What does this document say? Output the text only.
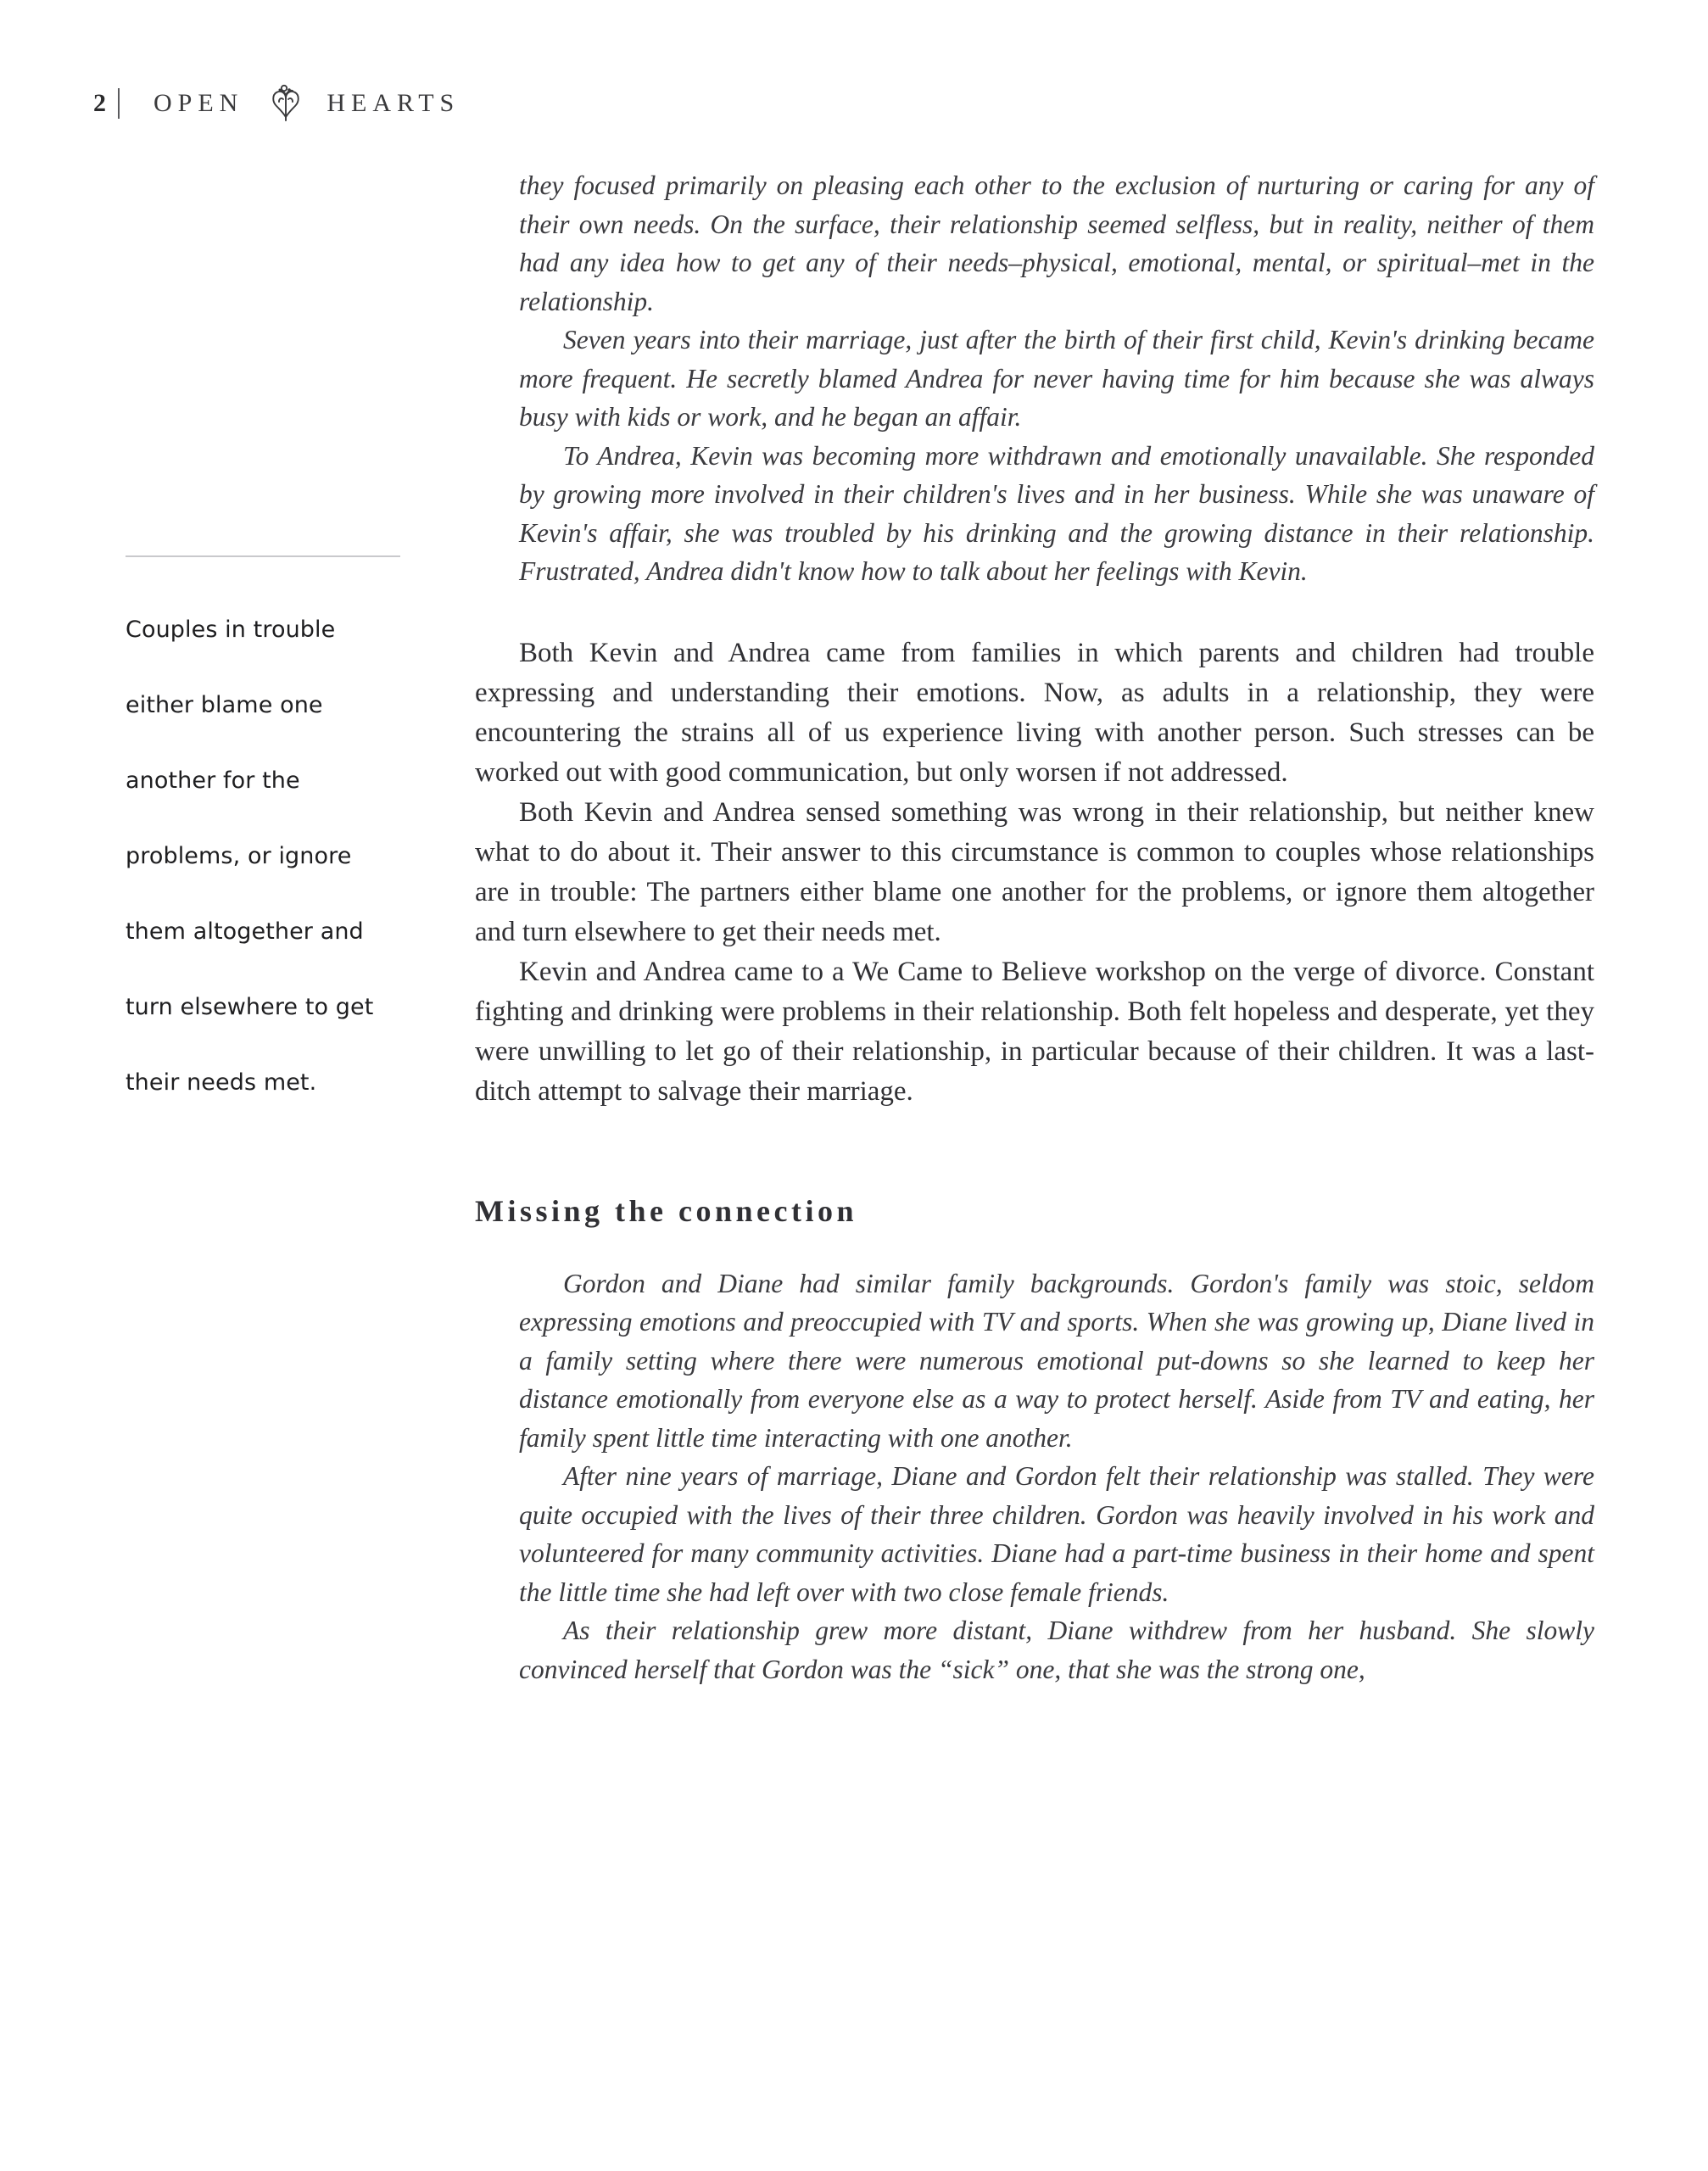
2	OPEN	HEARTS
Couples in trouble
either blame one
another for the
problems, or ignore
them altogether and
turn elsewhere to get
their needs met.

they focused primarily on pleasing each other to the exclusion of nurturing or caring for any of their own needs. On the surface, their relationship seemed selfless, but in reality, neither of them had any idea how to get any of their needs–physical, emotional, mental, or spiritual–met in the relationship.

Seven years into their marriage, just after the birth of their first child, Kevin's drinking became more frequent. He secretly blamed Andrea for never having time for him because she was always busy with kids or work, and he began an affair.

To Andrea, Kevin was becoming more withdrawn and emotionally unavailable. She responded by growing more involved in their children's lives and in her business. While she was unaware of Kevin's affair, she was troubled by his drinking and the growing distance in their relationship. Frustrated, Andrea didn't know how to talk about her feelings with Kevin.

Both Kevin and Andrea came from families in which parents and children had trouble expressing and understanding their emotions. Now, as adults in a relationship, they were encountering the strains all of us experience living with another person. Such stresses can be worked out with good communication, but only worsen if not addressed.

Both Kevin and Andrea sensed something was wrong in their relationship, but neither knew what to do about it. Their answer to this circumstance is common to couples whose relationships are in trouble: The partners either blame one another for the problems, or ignore them altogether and turn elsewhere to get their needs met.

Kevin and Andrea came to a We Came to Believe workshop on the verge of divorce. Constant fighting and drinking were problems in their relationship. Both felt hopeless and desperate, yet they were unwilling to let go of their relationship, in particular because of their children. It was a last-ditch attempt to salvage their marriage.

Missing the connection

Gordon and Diane had similar family backgrounds. Gordon's family was stoic, seldom expressing emotions and preoccupied with TV and sports. When she was growing up, Diane lived in a family setting where there were numerous emotional put-downs so she learned to keep her distance emotionally from everyone else as a way to protect herself. Aside from TV and eating, her family spent little time interacting with one another.

After nine years of marriage, Diane and Gordon felt their relationship was stalled. They were quite occupied with the lives of their three children. Gordon was heavily involved in his work and volunteered for many community activities. Diane had a part-time business in their home and spent the little time she had left over with two close female friends.

As their relationship grew more distant, Diane withdrew from her husband. She slowly convinced herself that Gordon was the “sick” one, that she was the strong one,
